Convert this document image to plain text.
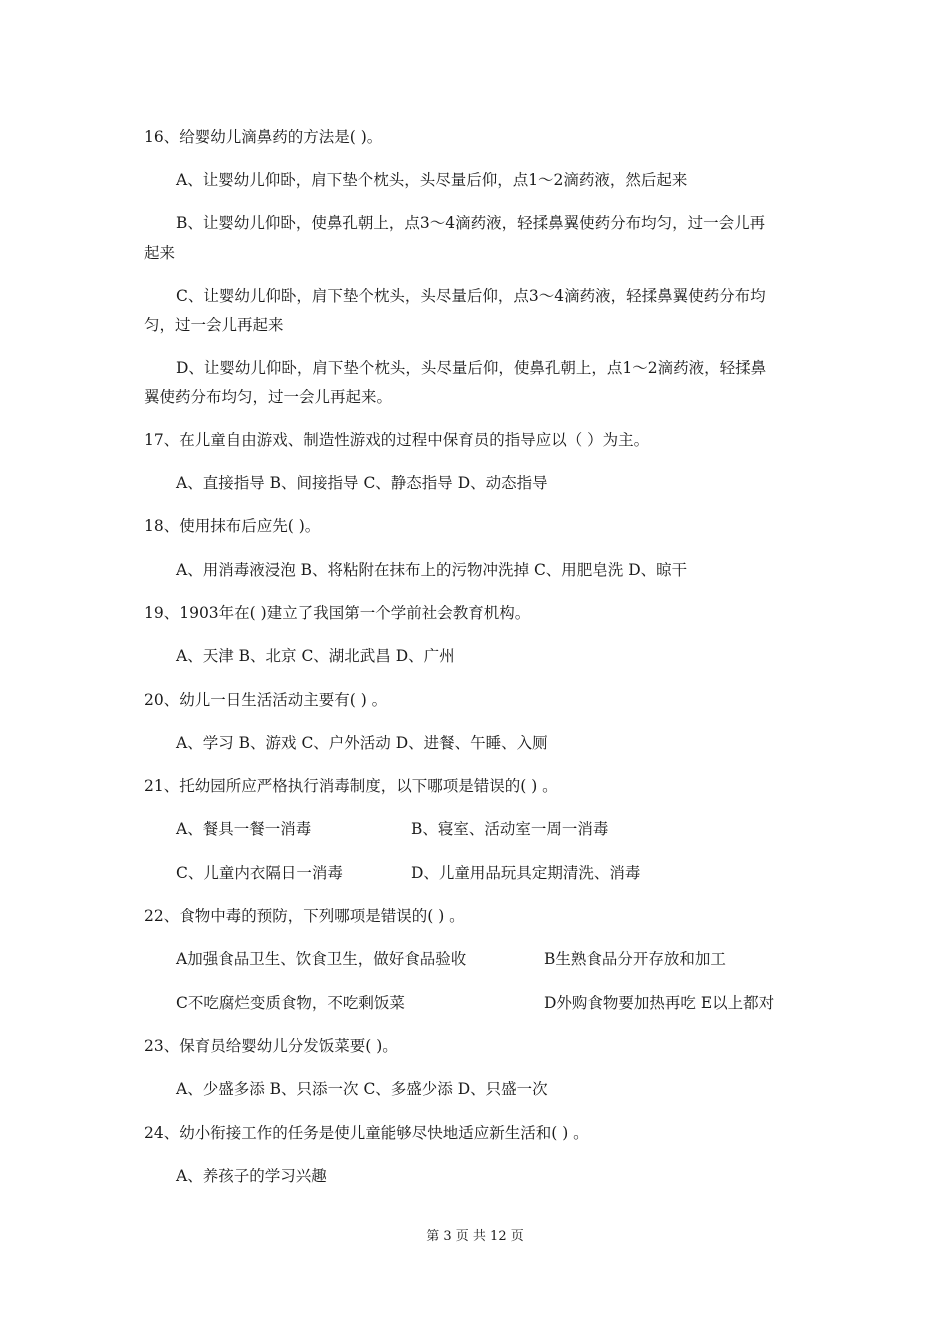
16、给婴幼儿滴鼻药的方法是( )。
A、让婴幼儿仰卧，肩下垫个枕头，头尽量后仰，点1～2滴药液，然后起来
B、让婴幼儿仰卧，使鼻孔朝上，点3～4滴药液，轻揉鼻翼使药分布均匀，过一会儿再
起来
C、让婴幼儿仰卧，肩下垫个枕头，头尽量后仰，点3～4滴药液，轻揉鼻翼使药分布均
匀，过一会儿再起来
D、让婴幼儿仰卧，肩下垫个枕头，头尽量后仰，使鼻孔朝上，点1～2滴药液，轻揉鼻
翼使药分布均匀，过一会儿再起来。
17、在儿童自由游戏、制造性游戏的过程中保育员的指导应以（ ）为主。
A、直接指导 B、间接指导 C、静态指导 D、动态指导
18、使用抹布后应先( )。
A、用消毒液浸泡 B、将粘附在抹布上的污物冲洗掉 C、用肥皂洗 D、晾干
19、1903年在( )建立了我国第一个学前社会教育机构。
A、天津 B、北京 C、湖北武昌 D、广州
20、幼儿一日生活活动主要有( ) 。
A、学习 B、游戏 C、户外活动 D、进餐、午睡、入厕
21、托幼园所应严格执行消毒制度，以下哪项是错误的( ) 。
A、餐具一餐一消毒	B、寝室、活动室一周一消毒
C、儿童内衣隔日一消毒	D、儿童用品玩具定期清洗、消毒
22、食物中毒的预防，下列哪项是错误的( ) 。
A加强食品卫生、饮食卫生，做好食品验收	B生熟食品分开存放和加工
C不吃腐烂变质食物，不吃剩饭菜	D外购食物要加热再吃 E以上都对
23、保育员给婴幼儿分发饭菜要( )。
A、少盛多添 B、只添一次 C、多盛少添 D、只盛一次
24、幼小衔接工作的任务是使儿童能够尽快地适应新生活和( ) 。
A、养孩子的学习兴趣
第 3 页 共 12 页
